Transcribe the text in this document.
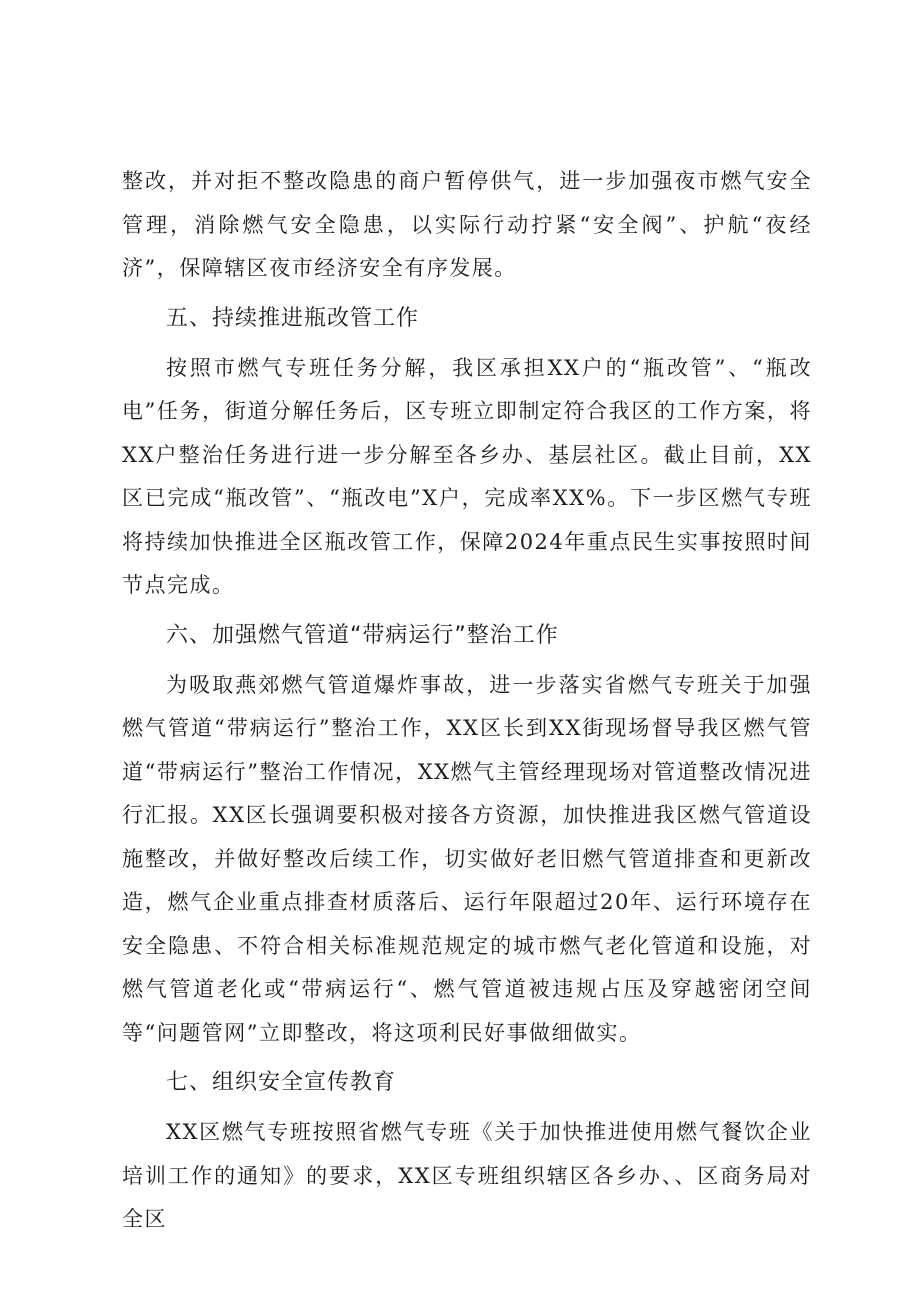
整改，并对拒不整改隐患的商户暂停供气，进一步加强夜市燃气安全管理，消除燃气安全隐患，以实际行动拧紧“安全阀”、护航“夜经济”，保障辖区夜市经济安全有序发展。

五、持续推进瓶改管工作

按照市燃气专班任务分解，我区承担XX户的“瓶改管”、“瓶改电”任务，街道分解任务后，区专班立即制定符合我区的工作方案，将XX户整治任务进行进一步分解至各乡办、基层社区。截止目前，XX区已完成“瓶改管”、“瓶改电”X户，完成率XX%。下一步区燃气专班将持续加快推进全区瓶改管工作，保障2024年重点民生实事按照时间节点完成。

六、加强燃气管道“带病运行”整治工作

为吸取燕郊燃气管道爆炸事故，进一步落实省燃气专班关于加强燃气管道“带病运行”整治工作，XX区长到XX街现场督导我区燃气管道“带病运行”整治工作情况，XX燃气主管经理现场对管道整改情况进行汇报。XX区长强调要积极对接各方资源，加快推进我区燃气管道设施整改，并做好整改后续工作，切实做好老旧燃气管道排查和更新改造，燃气企业重点排查材质落后、运行年限超过20年、运行环境存在安全隐患、不符合相关标准规范规定的城市燃气老化管道和设施，对燃气管道老化或“带病运行“、燃气管道被违规占压及穿越密闭空间等“问题管网”立即整改，将这项利民好事做细做实。

七、组织安全宣传教育

XX区燃气专班按照省燃气专班《关于加快推进使用燃气餐饮企业培训工作的通知》的要求，XX区专班组织辖区各乡办、、区商务局对全区
